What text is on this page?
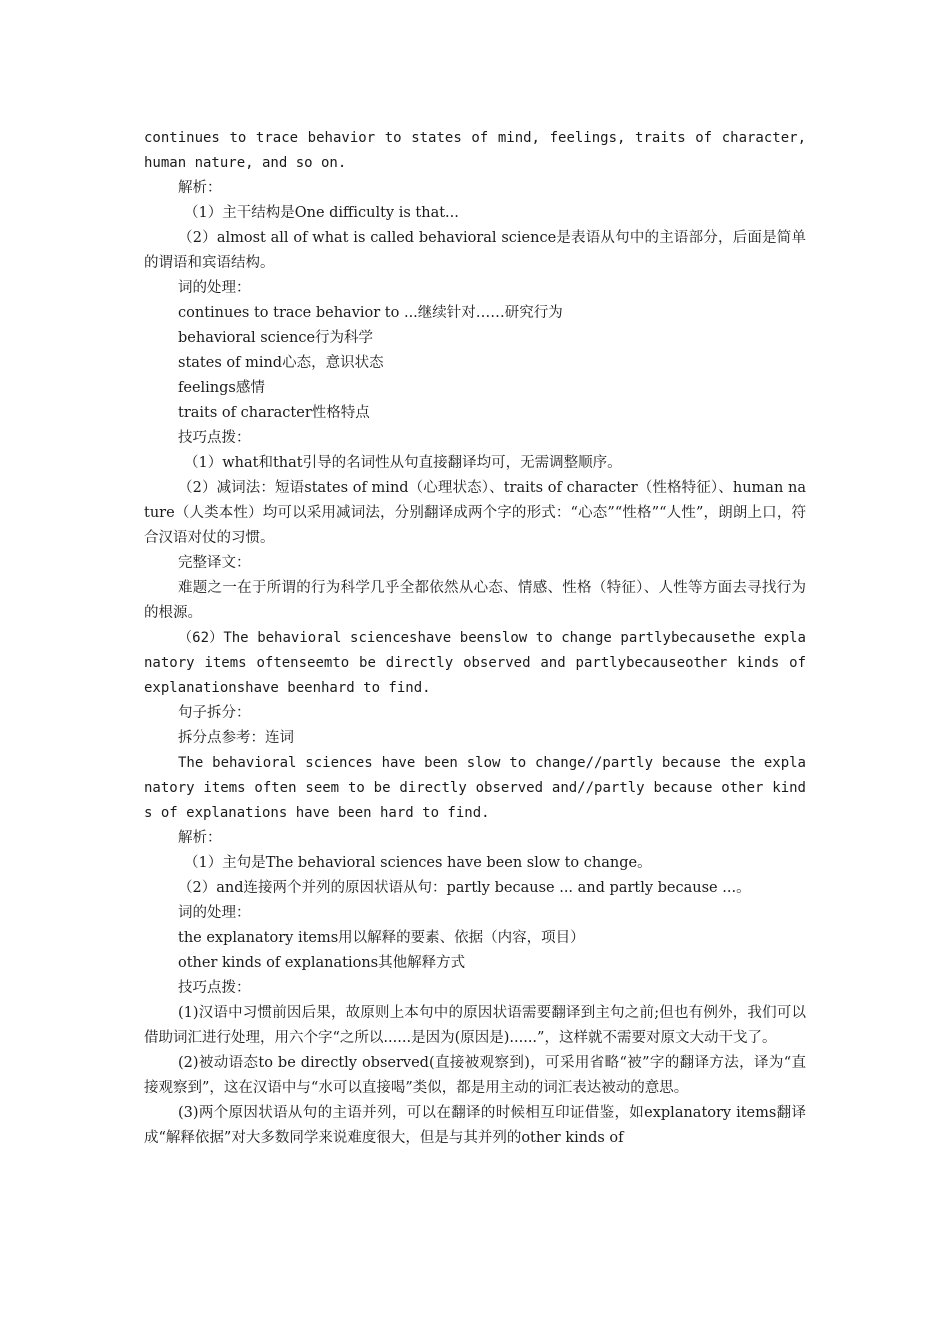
continues to trace behavior to states of mind, feelings, traits of character, human nature, and so on.

解析：

（1）主干结构是One difficulty is that...

（2）almost all of what is called behavioral science是表语从句中的主语部分，后面是简单的谓语和宾语结构。

词的处理：

continues to trace behavior to ...继续针对……研究行为

behavioral science行为科学

states of mind心态，意识状态

feelings感情

traits of character性格特点

技巧点拨：

（1）what和that引导的名词性从句直接翻译均可，无需调整顺序。

（2）减词法：短语states of mind（心理状态）、traits of character（性格特征）、human nature（人类本性）均可以采用减词法，分别翻译成两个字的形式：“心态”“性格”“人性”，朗朗上口，符合汉语对仗的习惯。

完整译文：

难题之一在于所谓的行为科学几乎全都依然从心态、情感、性格（特征）、人性等方面去寻找行为的根源。

（62）The behavioral scienceshave beenslow to change partlybecausethe explanatory items oftenseemto be directly observed and partlybecauseother kinds of explanationshave beenhard to find.

句子拆分：

拆分点参考：连词

The behavioral sciences have been slow to change//partly because the explanatory items often seem to be directly observed and//partly because other kinds of explanations have been hard to find.

解析：

（1）主句是The behavioral sciences have been slow to change。

（2）and连接两个并列的原因状语从句：partly because ... and partly because ...。

词的处理：

the explanatory items用以解释的要素、依据（内容，项目）

other kinds of explanations其他解释方式

技巧点拨：

(1)汉语中习惯前因后果，故原则上本句中的原因状语需要翻译到主句之前;但也有例外，我们可以借助词汇进行处理，用六个字“之所以......是因为(原因是)......”，这样就不需要对原文大动干戈了。

(2)被动语态to be directly observed(直接被观察到)，可采用省略“被”字的翻译方法，译为“直接观察到”，这在汉语中与“水可以直接喝”类似，都是用主动的词汇表达被动的意思。

(3)两个原因状语从句的主语并列，可以在翻译的时候相互印证借鉴，如explanatory items翻译成“解释依据”对大多数同学来说难度很大，但是与其并列的other kinds of
